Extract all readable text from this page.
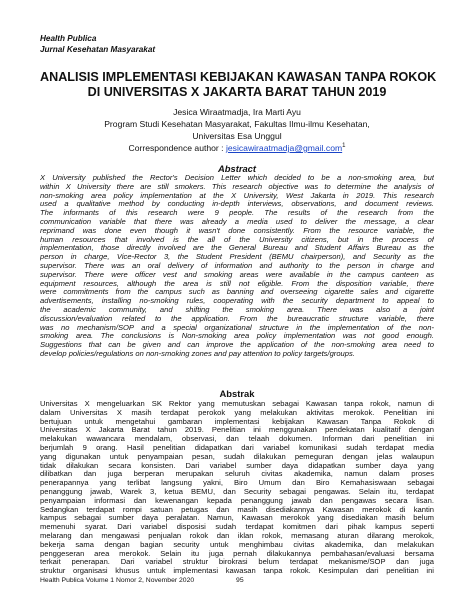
Health Publica
Jurnal Kesehatan Masyarakat
ANALISIS IMPLEMENTASI KEBIJAKAN KAWASAN TANPA ROKOK
DI UNIVERSITAS X JAKARTA BARAT TAHUN 2019
Jesica Wiraatmadja, Ira Marti Ayu
Program Studi Kesehatan Masyarakat, Fakultas Ilmu-ilmu Kesehatan,
Universitas Esa Unggul
Correspondence author : jesicawiraatmadja@gmail.com$^1$
Abstract
X University published the Rector's Decision Letter which decided to be a non-smoking area, but
within X University there are still smokers. This research objective was to determine the analysis of
non-smoking area policy implementation at the X University, West Jakarta in 2019. This research
used a qualitative method by conducting in-depth interviews, observations, and document reviews.
The informants of this research were 9 people. The results of the research from the
communication variable that there was already a media used to deliver the message, a clear
reprimand was done even though it wasn't done consistently. From the resource variable, the
human resources that involved is the all of the University citizens, but in the process of
implementation, those directly involved are the General Bureau and Student Affairs Bureau as the
person in charge, Vice-Rector 3, the Student President (BEMU chairperson), and Security as the
supervisor. There was an oral delivery of information and authority to the person in charge and
supervisor. There were officer vest and smoking areas were available in the campus canteen as
equipment resources, although the area is still not eligible. From the disposition variable, there
were commitments from the campus such as banning and overseeing cigarette sales and cigarette
advertisements, installing no-smoking rules, cooperating with the security department to appeal to
the academic community, and shifting the smoking area. There was also a joint
discussion/evaluation related to the application. From the bureaucratic structure variable, there
was no mechanism/SOP and a special organizational structure in the implementation of the non-
smoking area. The conclusions is Non-smoking area policy implementation was not good enough.
Suggestions that can be given and can improve the application of the non-smoking area need to
develop policies/regulations on non-smoking zones and pay attention to policy targets/groups.
Abstrak
Universitas X mengeluarkan SK Rektor yang memutuskan sebagai Kawasan tanpa rokok, namun di
dalam Universitas X masih terdapat perokok yang melakukan aktivitas merokok. Penelitian ini
bertujuan untuk mengetahui gambaran implementasi kebijakan Kawasan Tanpa Rokok di
Universitas X Jakarta Barat tahun 2019. Penelitian ini menggunakan pendekatan kualitatif dengan
melakukan wawancara mendalam, observasi, dan telaah dokumen. Informan dari penelitian ini
berjumlah 9 orang. Hasil penelitian didapatkan dari variabel komunikasi sudah terdapat media
yang digunakan untuk penyampaian pesan, sudah dilakukan pemeguran dengan jelas walaupun
tidak dilakukan secara konsisten. Dari variabel sumber daya didapatkan sumber daya yang
dilibatkan dan juga berperan merupakan seluruh civitas akademika, namun dalam proses
penerapannya yang terlibat langsung yakni, Biro Umum dan Biro Kemahasiswaan sebagai
penanggung jawab, Warek 3, ketua BEMU, dan Security sebagai pengawas. Selain itu, terdapat
penyampaian informasi dan kewenangan kepada penanggung jawab dan pengawas secara lisan.
Sedangkan terdapat rompi satuan petugas dan masih disediakannya Kawasan merokok di kantin
kampus sebagai sumber daya peralatan. Namun, Kawasan merokok yang disediakan masih belum
memenuhi syarat. Dari variabel disposisi sudah terdapat komitmen dari pihak kampus seperti
melarang dan mengawasi penjualan rokok dan iklan rokok, memasang aturan dilarang merokok,
bekerja sama dengan bagian security untuk menghimbau civitas akademika, dan melakukan
penggeseran area merokok. Selain itu juga pernah dilakukannya pembahasan/evaluasi bersama
terkait penerapan. Dari variabel struktur birokrasi belum terdapat mekanisme/SOP dan juga
struktur organisasi khusus untuk implementasi kawasan tanpa rokok. Kesimpulan dari penelitian ini
Health Publica Volume 1 Nomor 2, November 2020	95
